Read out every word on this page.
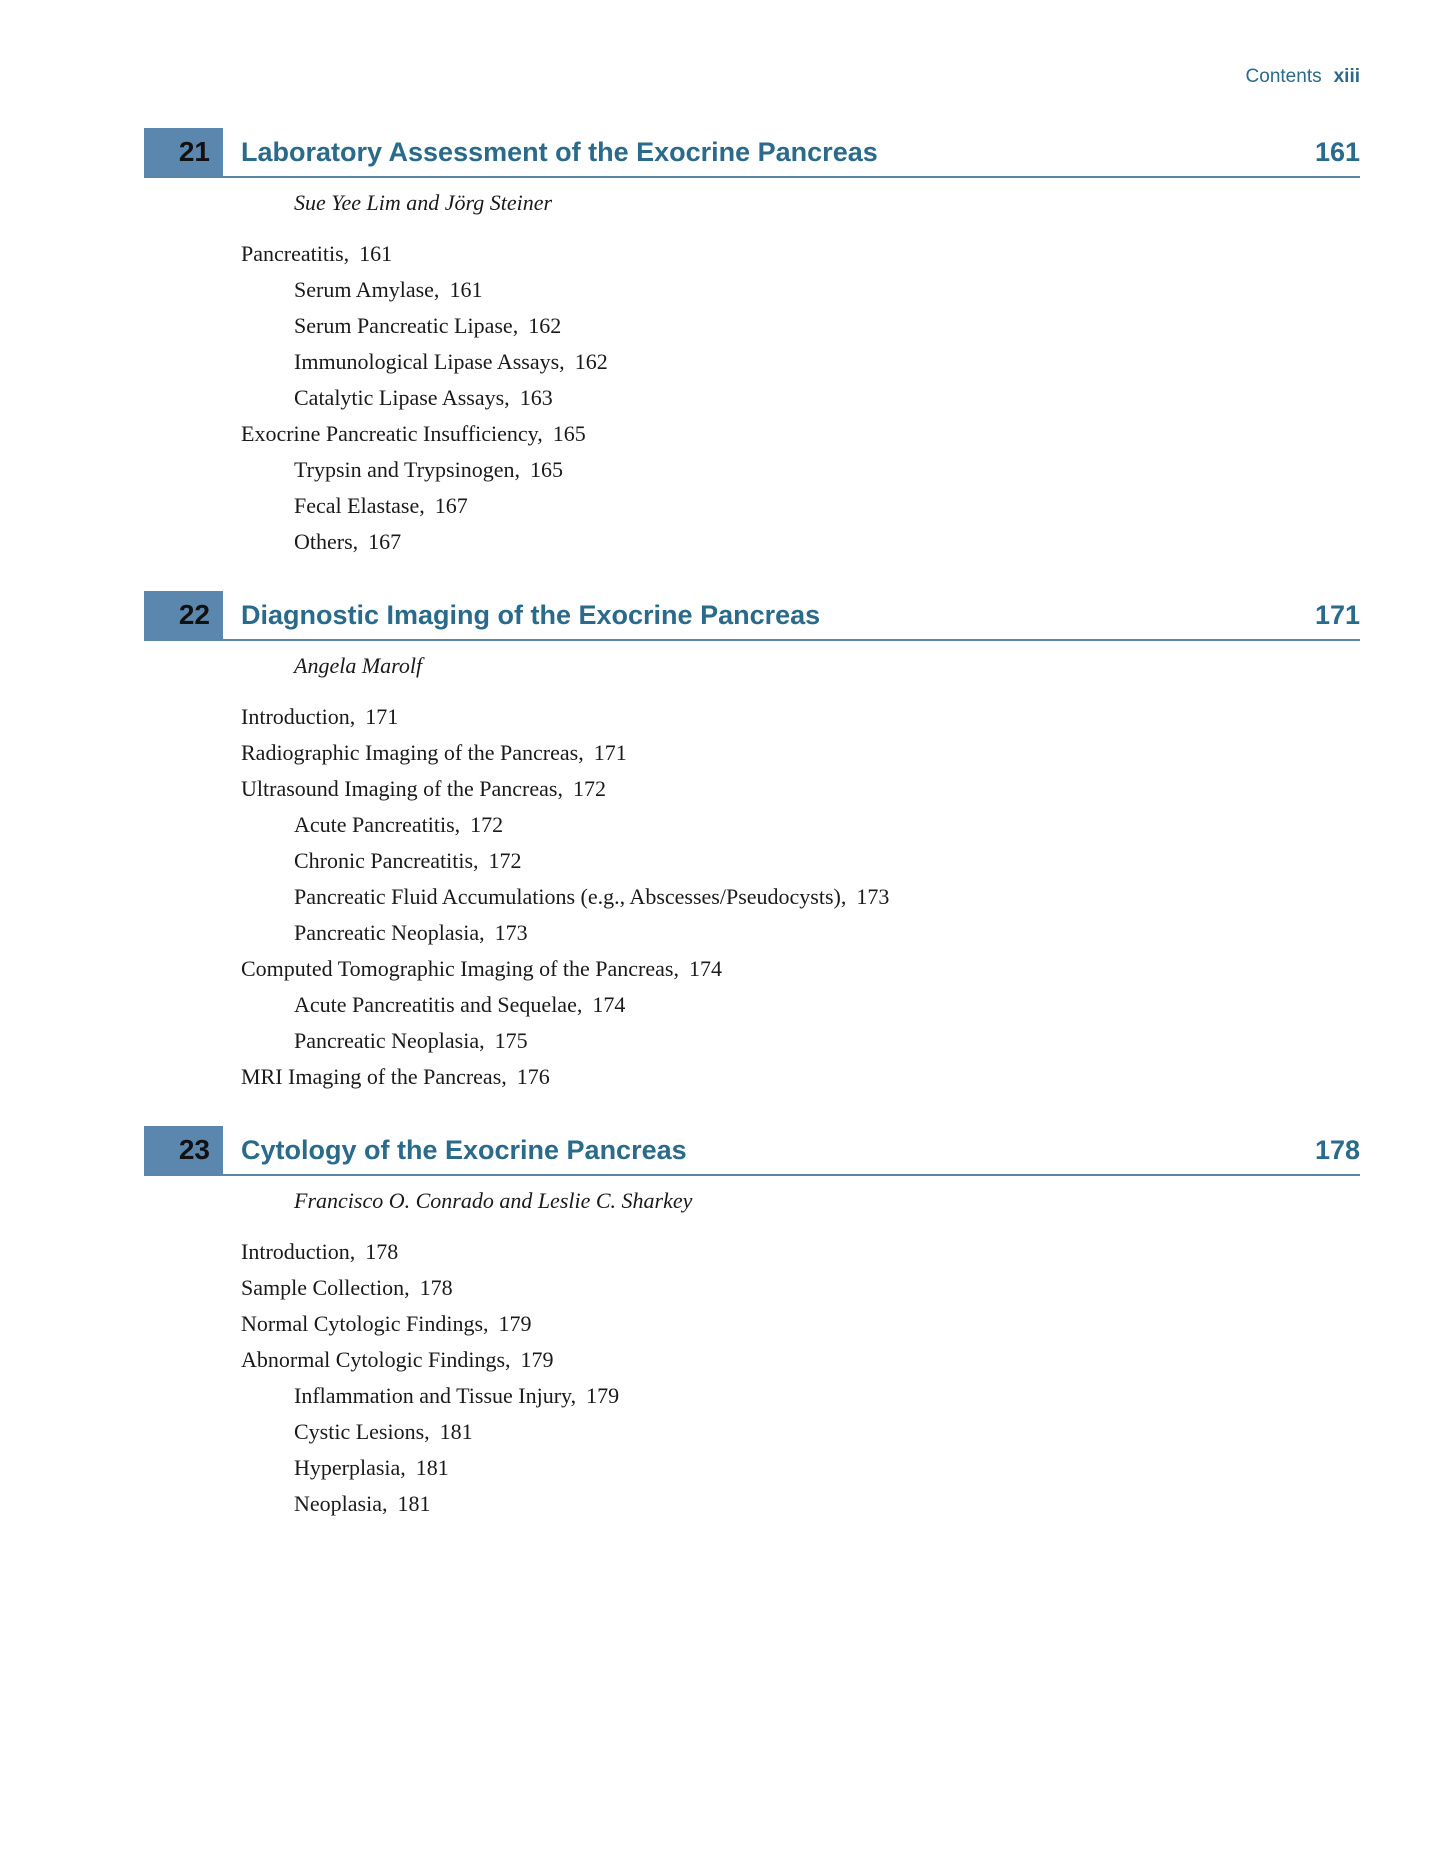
Contents xiii
21	Laboratory Assessment of the Exocrine Pancreas	161
Sue Yee Lim and Jörg Steiner
Pancreatitis, 161
Serum Amylase, 161
Serum Pancreatic Lipase, 162
Immunological Lipase Assays, 162
Catalytic Lipase Assays, 163
Exocrine Pancreatic Insufficiency, 165
Trypsin and Trypsinogen, 165
Fecal Elastase, 167
Others, 167
22	Diagnostic Imaging of the Exocrine Pancreas	171
Angela Marolf
Introduction, 171
Radiographic Imaging of the Pancreas, 171
Ultrasound Imaging of the Pancreas, 172
Acute Pancreatitis, 172
Chronic Pancreatitis, 172
Pancreatic Fluid Accumulations (e.g., Abscesses/Pseudocysts), 173
Pancreatic Neoplasia, 173
Computed Tomographic Imaging of the Pancreas, 174
Acute Pancreatitis and Sequelae, 174
Pancreatic Neoplasia, 175
MRI Imaging of the Pancreas, 176
23	Cytology of the Exocrine Pancreas	178
Francisco O. Conrado and Leslie C. Sharkey
Introduction, 178
Sample Collection, 178
Normal Cytologic Findings, 179
Abnormal Cytologic Findings, 179
Inflammation and Tissue Injury, 179
Cystic Lesions, 181
Hyperplasia, 181
Neoplasia, 181
